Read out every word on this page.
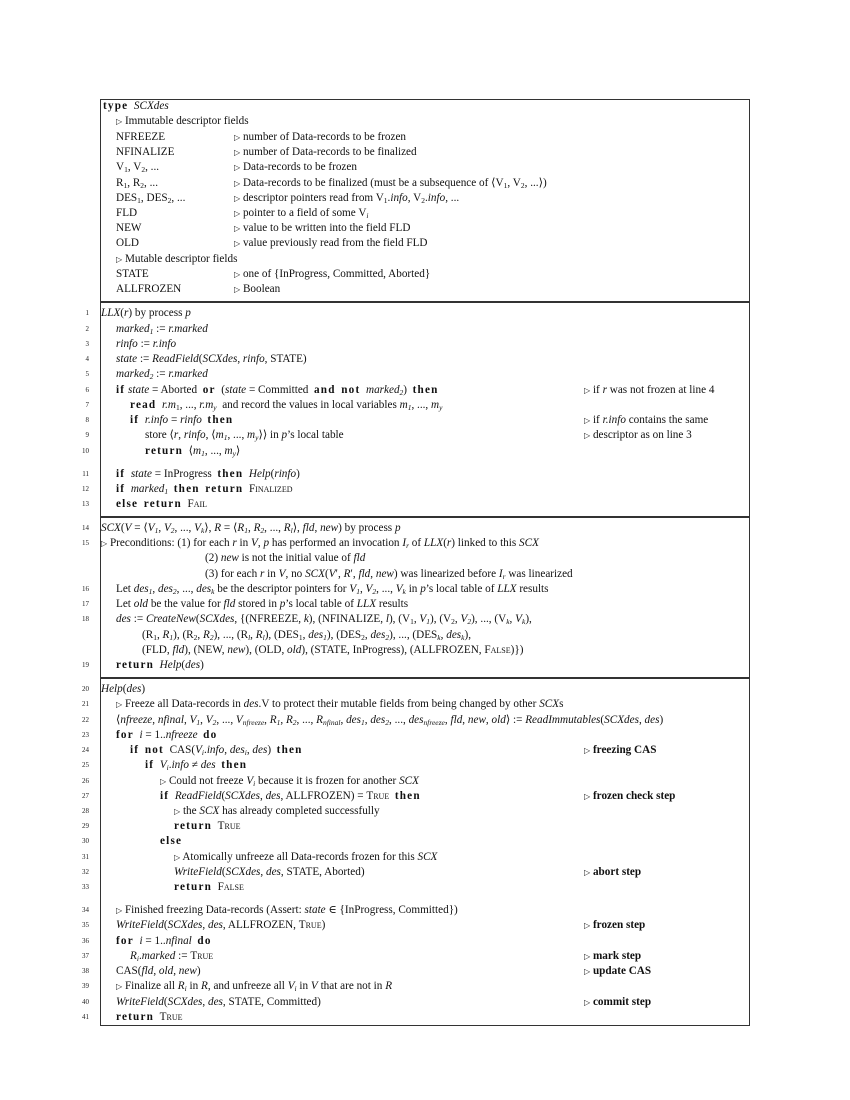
type SCXdes
▷ Immutable descriptor fields
NFREEZE	▷ number of Data-records to be frozen
NFINALIZE	▷ number of Data-records to be finalized
$V_1$, $V_2$, ...	▷ Data-records to be frozen
$R_1$, $R_2$, ...	▷ Data-records to be finalized (must be a subsequence of $⟨V_1$, $V_2$, ...⟩)
$DES_1$, $DES_2$, ...	▷ descriptor pointers read from $V_1.info$, $V_2.info$, ...
FLD	▷ pointer to a field of some $V_i$
NEW	▷ value to be written into the field FLD
OLD	▷ value previously read from the field FLD
▷ Mutable descriptor fields
STATE	▷ one of {InProgress, Committed, Aborted}
ALLFROZEN	▷ Boolean
1 LLX(r) by process p
2 marked$_1$ := r.marked
3 rinfo := r.info
4 state := ReadField(SCXdes, rinfo, STATE)
5 marked$_2$ := r.marked
6 if state = Aborted  or  (state = Committed  and not marked$_2$)  then	▷ if r was not frozen at line 4
7	read $r.m_1$, ..., $r.m_y$  and record the values in local variables $m_1$, ..., $m_y$
8	if r.info = rinfo then	▷ if r.info contains the same
9	store ⟨r, rinfo, $⟨m_1$, ..., $m_y⟩⟩$ in p’s local table	▷ descriptor as on line 3
10	return  $⟨m_1$, ..., $m_y⟩$
11 if state = InProgress  then Help(rinfo)
12 if marked$_1$ then return Finalized
13 else return Fail
14 $SCX(V = ⟨V_1$, $V_2$, ..., $V_k⟩$, $R = ⟨R_1$, $R_2$, ..., $R_l⟩$, fld, new) by process p
15 ▷ Preconditions: (1) for each r in V, p has performed an invocation $I_r$ of LLX(r) linked to this SCX
(2) new is not the initial value of fld
(3) for each r in V, no SCX(V′, R′, fld, new) was linearized before $I_r$ was linearized
16 Let des$_1$, des$_2$, ..., des$_k$ be the descriptor pointers for $V_1$, $V_2$, ..., $V_k$ in p’s local table of LLX results
17 Let old be the value for fld stored in p’s local table of LLX results
18 des := CreateNew(SCXdes, {(NFREEZE, k), (NFINALIZE, l), ($V_1$, $V_1$), ($V_2$, $V_2$), ..., ($V_k$, $V_k$),
($R_1$, $R_1$), ($R_2$, $R_2$), ..., ($R_l$, $R_l$), ($DES_1$, des$_1$), ($DES_2$, des$_2$), ..., ($DES_k$, des$_k$),
(FLD, fld), (NEW, new), (OLD, old), (STATE, InProgress), (ALLFROZEN, False)})
19 return Help(des)
20 Help(des)
21	▷ Freeze all Data-records in des.V to protect their mutable fields from being changed by other SCXs
22 ⟨nfreeze, nfinal, $V_1$, $V_2$, ..., $V_{nfreeze}$, $R_1$, $R_2$, ..., $R_{nfinal}$, des$_1$, des$_2$, ..., des$_{nfreeze}$, fld, new, old⟩ := ReadImmutables(SCXdes, des)
23 for i = 1..nfreeze do
24	if not  $CAS(V_i.info$, des$_i$, des)  then	▷ freezing CAS
25	if $V_i.info$ ≠ des then
26	▷ Could not freeze $V_i$ because it is frozen for another SCX
27	if ReadField(SCXdes, des, ALLFROZEN) = True then	▷ frozen check step
28	▷ the SCX has already completed successfully
29	return True
30	else
31	▷ Atomically unfreeze all Data-records frozen for this SCX
32	WriteField(SCXdes, des, STATE, Aborted)	▷ abort step
33	return False
34	▷ Finished freezing Data-records (Assert: state ∈ {InProgress, Committed})
35 WriteField(SCXdes, des, ALLFROZEN, True)	▷ frozen step
36 for i = 1..nfinal do
37	$R_i.marked$ := True	▷ mark step
38 CAS(fld, old, new)	▷ update CAS
39	▷ Finalize all $R_i$ in R, and unfreeze all $V_i$ in V that are not in R
40 WriteField(SCXdes, des, STATE, Committed)	▷ commit step
41 return True
